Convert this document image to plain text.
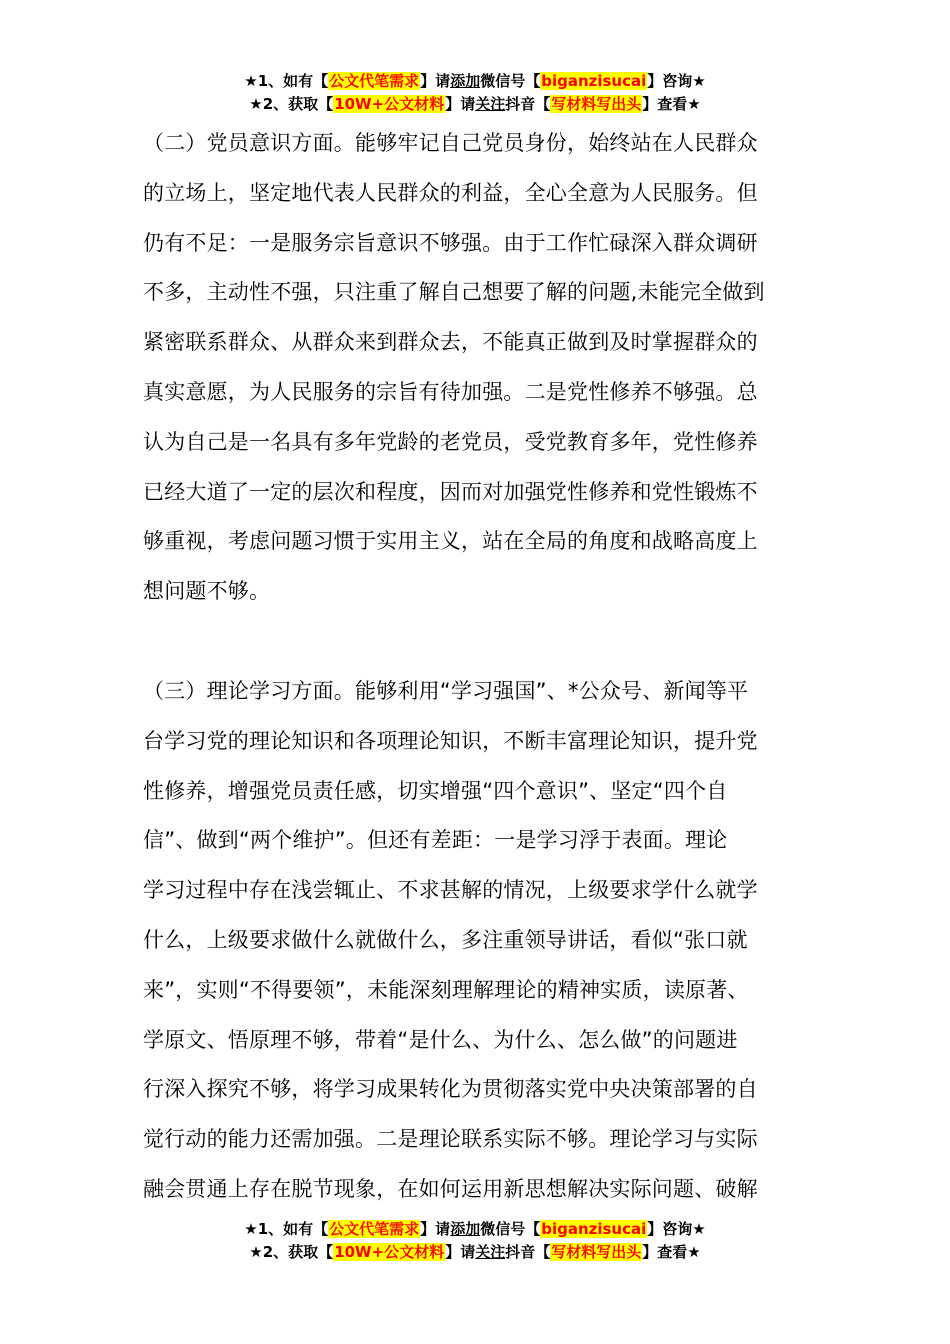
★1、如有【公文代笔需求】请添加微信号【biganzisucai】咨询★
★2、获取【10W+公文材料】请关注抖音【写材料写出头】查看★
（二）党员意识方面。能够牢记自己党员身份，始终站在人民群众
的立场上，坚定地代表人民群众的利益，全心全意为人民服务。但
仍有不足：一是服务宗旨意识不够强。由于工作忙碌深入群众调研
不多，主动性不强，只注重了解自己想要了解的问题,未能完全做到
紧密联系群众、从群众来到群众去，不能真正做到及时掌握群众的
真实意愿，为人民服务的宗旨有待加强。二是党性修养不够强。总
认为自己是一名具有多年党龄的老党员，受党教育多年，党性修养
已经大道了一定的层次和程度，因而对加强党性修养和党性锻炼不
够重视，考虑问题习惯于实用主义，站在全局的角度和战略高度上
想问题不够。
（三）理论学习方面。能够利用“学习强国”、*公众号、新闻等平
台学习党的理论知识和各项理论知识，不断丰富理论知识，提升党
性修养，增强党员责任感，切实增强“四个意识”、坚定“四个自
信”、做到“两个维护”。但还有差距：一是学习浮于表面。理论
学习过程中存在浅尝辄止、不求甚解的情况，上级要求学什么就学
什么，上级要求做什么就做什么，多注重领导讲话，看似“张口就
来”，实则“不得要领”，未能深刻理解理论的精神实质，读原著、
学原文、悟原理不够，带着“是什么、为什么、怎么做”的问题进
行深入探究不够，将学习成果转化为贯彻落实党中央决策部署的自
觉行动的能力还需加强。二是理论联系实际不够。理论学习与实际
融会贯通上存在脱节现象，在如何运用新思想解决实际问题、破解
★1、如有【公文代笔需求】请添加微信号【biganzisucai】咨询★
★2、获取【10W+公文材料】请关注抖音【写材料写出头】查看★
